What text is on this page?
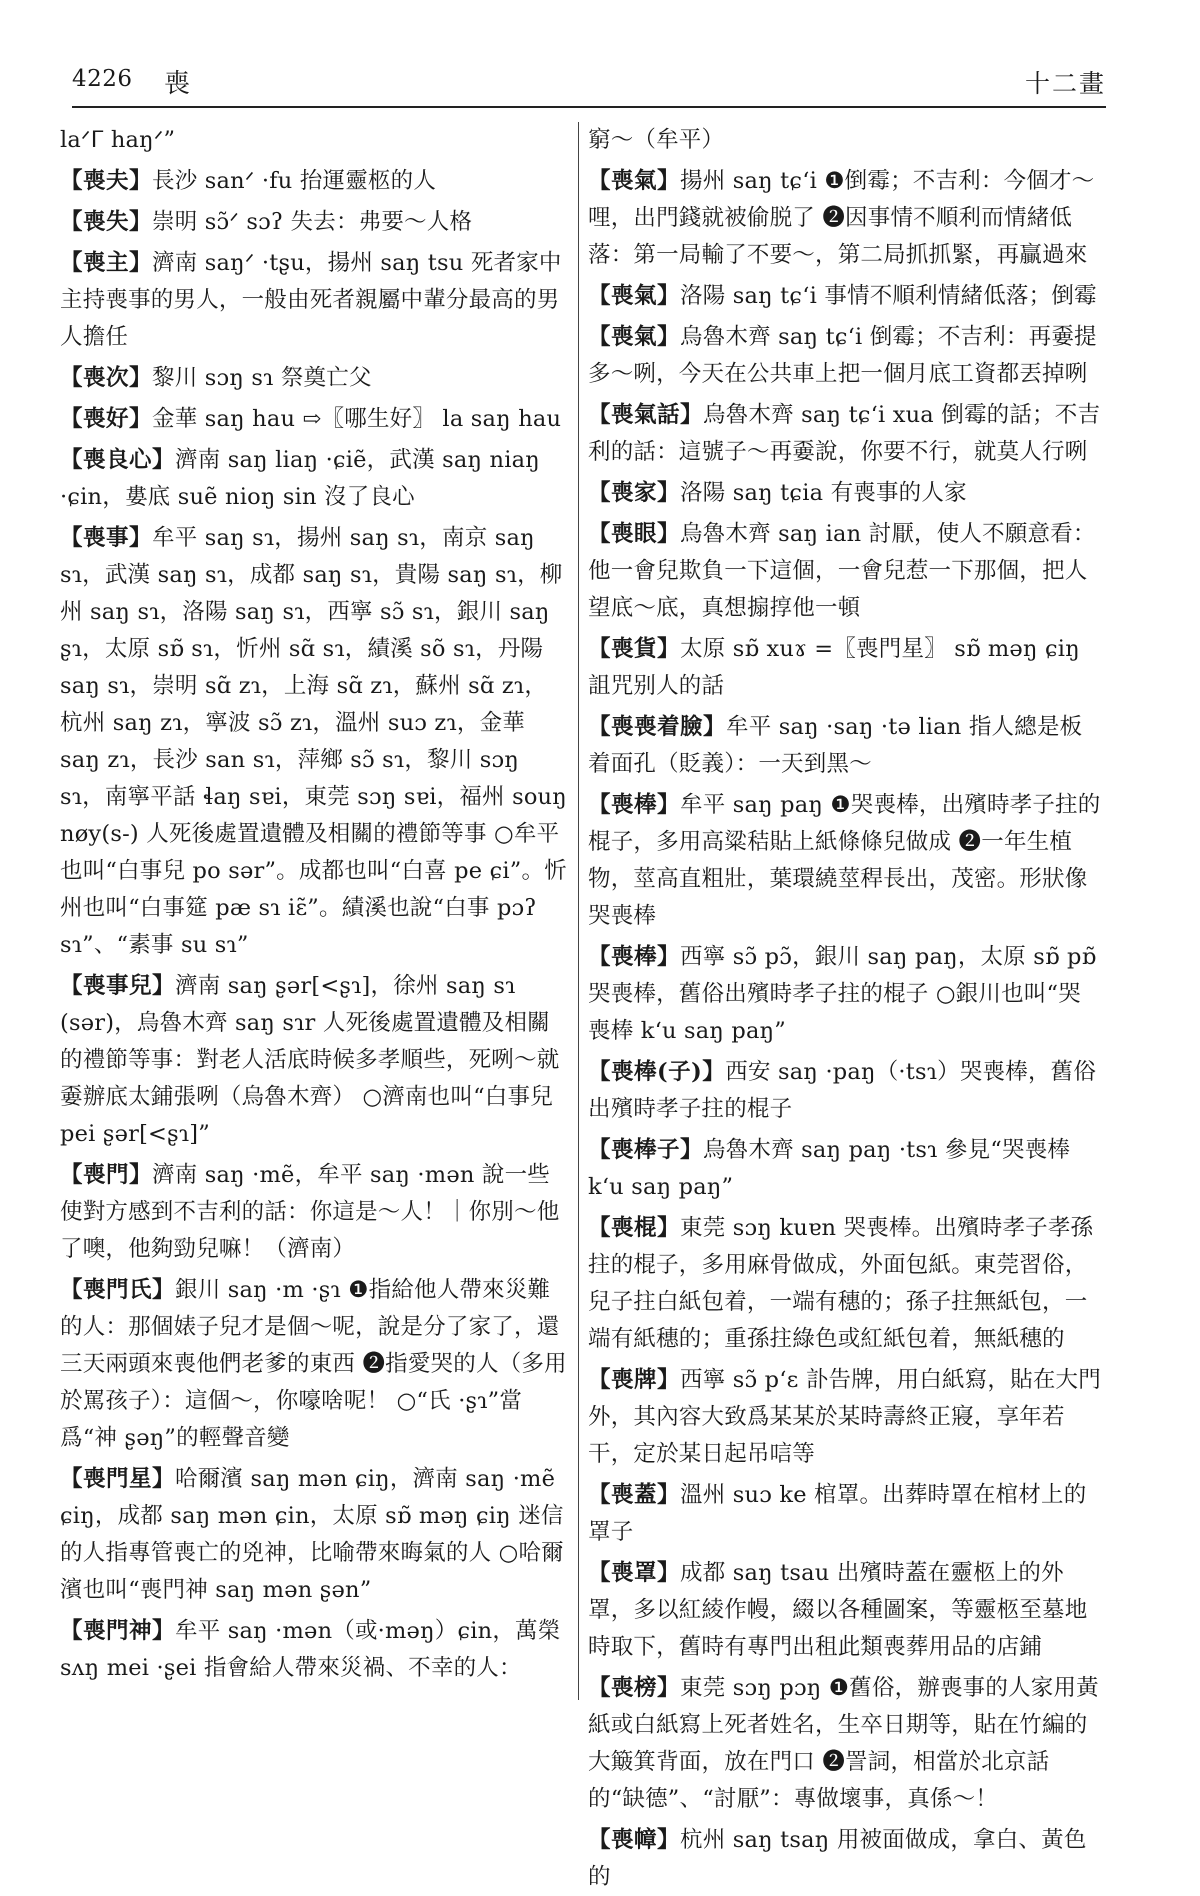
4226 喪	十二畫

laᐟᒥ haŋᐟ”

【喪夫】長沙 sanᐟ ·fu 抬運靈柩的人

【喪失】崇明 sɔ̃ᐟ sɔʔ 失去：弗要～人格

【喪主】濟南 saŋᐟ ·tʂu，揚州 saŋ tsu 死者家中主持喪事的男人，一般由死者親屬中輩分最高的男人擔任

【喪次】黎川 sɔŋ sɿ 祭奠亡父

【喪好】金華 saŋ hau ⇨〖哪生好〗 la saŋ hau

【喪良心】濟南 saŋ liaŋ ·ɕiẽ，武漢 saŋ niaŋ ·ɕin，婁底 suẽ nioŋ sin 沒了良心

【喪事】牟平 saŋ sɿ，揚州 saŋ sɿ，南京 saŋ sɿ，武漢 saŋ sɿ，成都 saŋ sɿ，貴陽 saŋ sɿ，柳州 saŋ sɿ，洛陽 saŋ sɿ，西寧 sɔ̃ sɿ，銀川 saŋ ʂɿ，太原 sɒ̃ sɿ，忻州 sɑ̃ sɿ，績溪 sõ sɿ，丹陽 saŋ sɿ，崇明 sɑ̃ zɿ，上海 sɑ̃ zɿ，蘇州 sɑ̃ zɿ，杭州 saŋ zɿ，寧波 sɔ̃ zɿ，溫州 suɔ zɿ，金華 saŋ zɿ，長沙 san sɿ，萍鄉 sɔ̃ sɿ，黎川 sɔŋ sɿ，南寧平話 ɬaŋ sɐi，東莞 sɔŋ sɐi，福州 souŋ nøy(s-) 人死後處置遺體及相關的禮節等事 ○牟平也叫“白事兒 po sər”。成都也叫“白喜 pe ɕi”。忻州也叫“白事筵 pæ sɿ iɛ̃”。績溪也說“白事 pɔʔ sɿ”、“素事 su sɿ”

【喪事兒】濟南 saŋ ʂər[<ʂɿ]，徐州 saŋ sɿ (sər)，烏魯木齊 saŋ sɿr 人死後處置遺體及相關的禮節等事：對老人活底時候多孝順些，死咧～就嫑辦底太鋪張咧（烏魯木齊） ○濟南也叫“白事兒 pei ʂər[<ʂɿ]”

【喪門】濟南 saŋ ·mẽ，牟平 saŋ ·mən 說一些使對方感到不吉利的話：你這是～人！｜你別～他了噢，他夠勁兒嘛！（濟南）

【喪門氏】銀川 saŋ ·m ·ʂɿ ❶指給他人帶來災難的人：那個婊子兒才是個～呢，說是分了家了，還三天兩頭來喪他們老爹的東西 ❷指愛哭的人（多用於罵孩子）：這個～，你嚎啥呢！ ○“氏 ·ʂɿ”當爲“神 ʂəŋ”的輕聲音變

【喪門星】哈爾濱 saŋ mən ɕiŋ，濟南 saŋ ·mẽ ɕiŋ，成都 saŋ mən ɕin，太原 sɒ̃ məŋ ɕiŋ 迷信的人指專管喪亡的兇神，比喻帶來晦氣的人 ○哈爾濱也叫“喪門神 saŋ mən ʂən”

【喪門神】牟平 saŋ ·mən（或·məŋ）ɕin，萬榮 sʌŋ mei ·ʂei 指會給人帶來災禍、不幸的人：

窮～（牟平）

【喪氣】揚州 saŋ tɕʻi ❶倒霉；不吉利：今個才～哩，出門錢就被偷脱了 ❷因事情不順利而情緒低落：第一局輸了不要～，第二局抓抓緊，再贏過來

【喪氣】洛陽 saŋ tɕʻi 事情不順利情緒低落；倒霉

【喪氣】烏魯木齊 saŋ tɕʻi 倒霉；不吉利：再嫑提多～咧，今天在公共車上把一個月底工資都丟掉咧

【喪氣話】烏魯木齊 saŋ tɕʻi xua 倒霉的話；不吉利的話：這號子～再嫑說，你要不行，就莫人行咧

【喪家】洛陽 saŋ tɕia 有喪事的人家

【喪眼】烏魯木齊 saŋ ian 討厭，使人不願意看：他一會兒欺負一下這個，一會兒惹一下那個，把人望底～底，真想搧㨃他一頓

【喪貨】太原 sɒ̃ xuɤ =〖喪門星〗 sɒ̃ məŋ ɕiŋ 詛咒别人的話

【喪喪着臉】牟平 saŋ ·saŋ ·tə lian 指人總是板着面孔（貶義）：一天到黑～

【喪棒】牟平 saŋ paŋ ❶哭喪棒，出殯時孝子拄的棍子，多用高粱秸貼上紙條條兒做成 ❷一年生植物，莖高直粗壯，葉環繞莖稈長出，茂密。形狀像哭喪棒

【喪棒】西寧 sɔ̃ pɔ̃，銀川 saŋ paŋ，太原 sɒ̃ pɒ̃ 哭喪棒，舊俗出殯時孝子拄的棍子 ○銀川也叫“哭喪棒 kʻu saŋ paŋ”

【喪棒(子)】西安 saŋ ·paŋ（·tsɿ）哭喪棒，舊俗出殯時孝子拄的棍子

【喪棒子】烏魯木齊 saŋ paŋ ·tsɿ 參見“哭喪棒 kʻu saŋ paŋ”

【喪棍】東莞 sɔŋ kuɐn 哭喪棒。出殯時孝子孝孫拄的棍子，多用麻骨做成，外面包紙。東莞習俗，兒子拄白紙包着，一端有穗的；孫子拄無紙包，一端有紙穗的；重孫拄綠色或紅紙包着，無紙穗的

【喪牌】西寧 sɔ̃ pʻɛ 訃告牌，用白紙寫，貼在大門外，其內容大致爲某某於某時壽終正寢，享年若干，定於某日起吊唁等

【喪蓋】溫州 suɔ ke 棺罩。出葬時罩在棺材上的罩子

【喪罩】成都 saŋ tsau 出殯時蓋在靈柩上的外罩，多以紅綾作幔，綴以各種圖案，等靈柩至墓地時取下，舊時有專門出租此類喪葬用品的店鋪

【喪榜】東莞 sɔŋ pɔŋ ❶舊俗，辦喪事的人家用黃紙或白紙寫上死者姓名，生卒日期等，貼在竹編的大簸箕背面，放在門口 ❷詈詞，相當於北京話的“缺德”、“討厭”：專做壞事，真係～！

【喪幛】杭州 saŋ tsaŋ 用被面做成，拿白、黃色的
